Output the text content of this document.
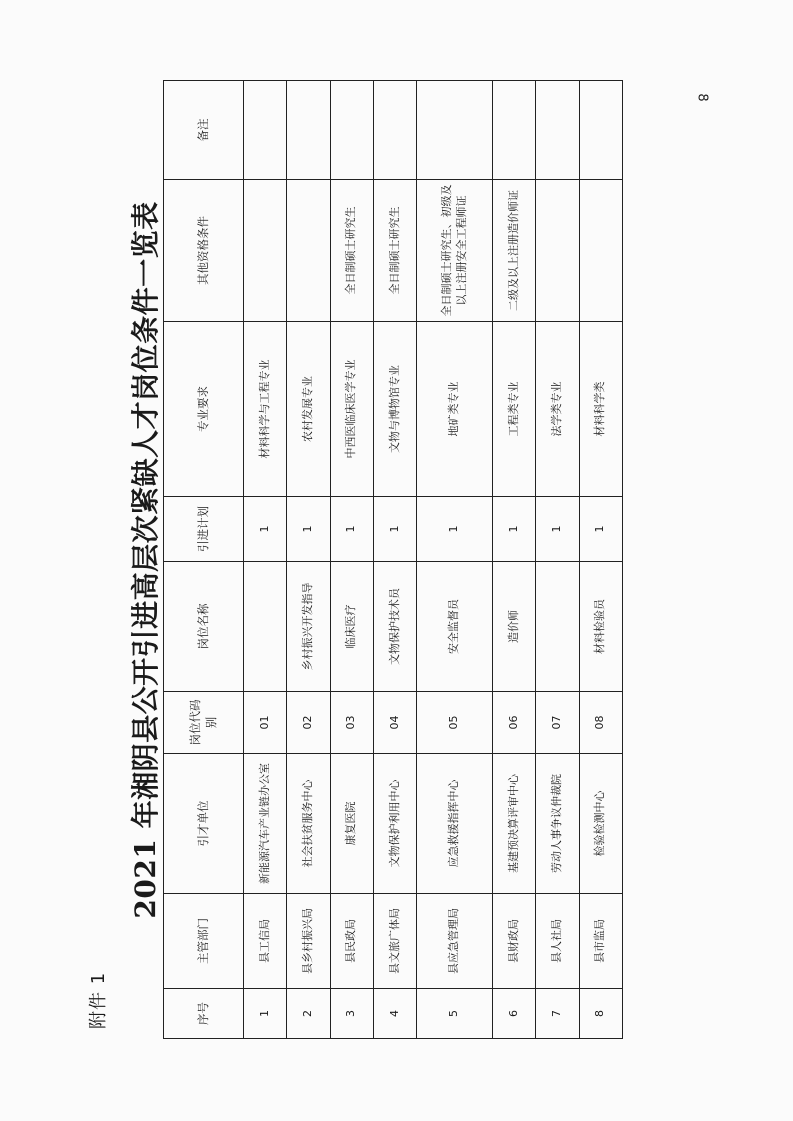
8
附件 1
2021 年湘阴县公开引进高层次紧缺人才岗位条件一览表
序号	主管部门	引才单位	岗位代码别	岗位名称	引进计划	专业要求	其他资格条件	备注
1	县工信局	新能源汽车产业链办公室	01		1	材料科学与工程专业		
2	县乡村振兴局	社会扶贫服务中心	02	乡村振兴开发指导	1	农村发展专业		
3	县民政局	康复医院	03	临床医疗	1	中西医临床医学专业	全日制硕士研究生	
4	县文旅广体局	文物保护利用中心	04	文物保护技术员	1	文物与博物馆专业	全日制硕士研究生	
5	县应急管理局	应急救援指挥中心	05	安全监督员	1	地矿类专业	全日制硕士研究生、初级及以上注册安全工程师证	
6	县财政局	基建预决算评审中心	06	造价师	1	工程类专业	二级及以上注册造价师证	
7	县人社局	劳动人事争议仲裁院	07		1	法学类专业		
8	县市监局	检验检测中心	08	材料检验员	1	材料科学类		
